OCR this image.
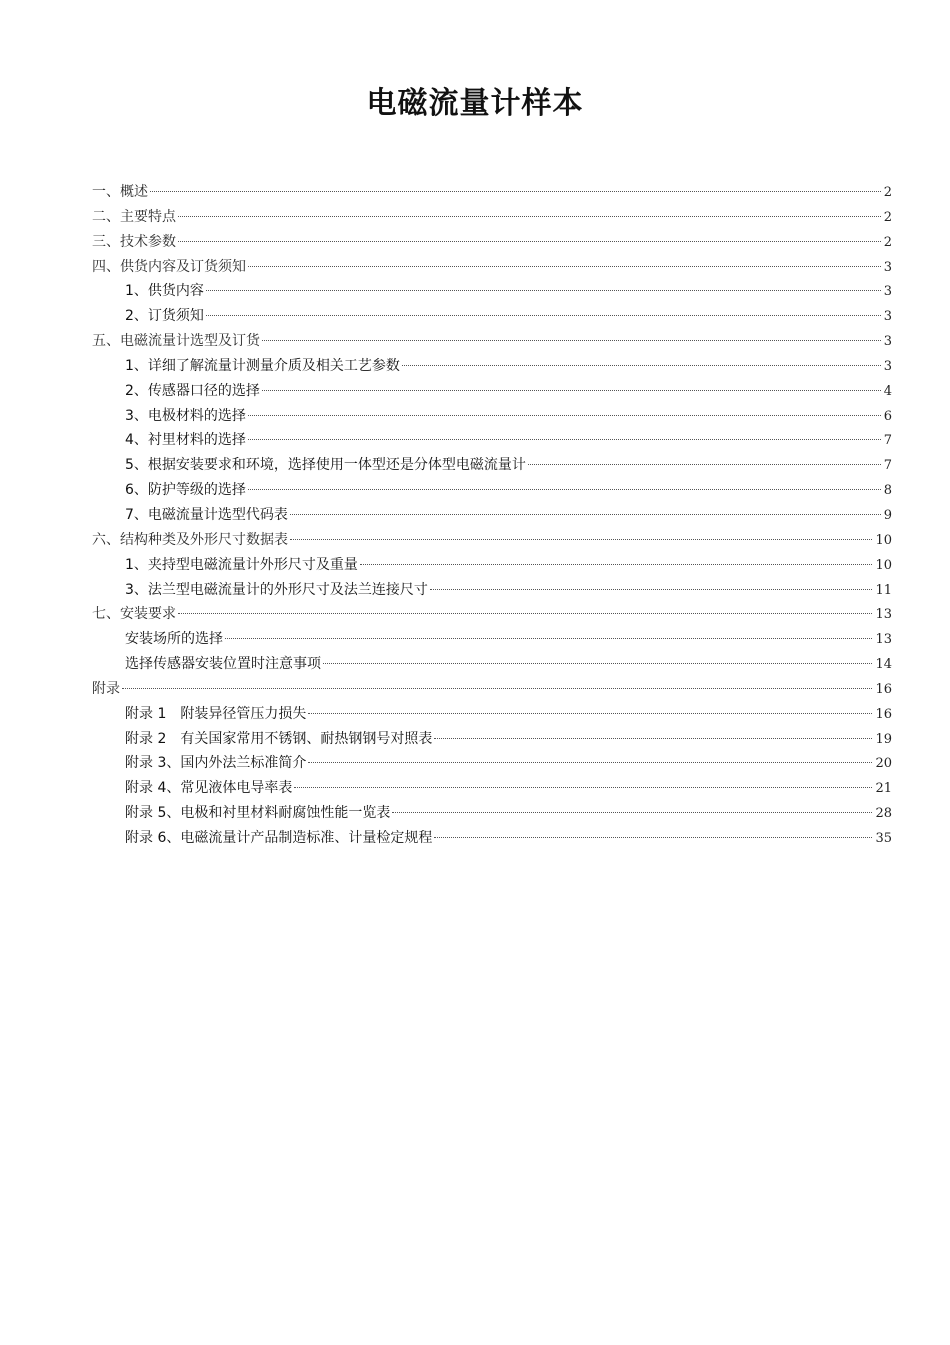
电磁流量计样本
一、概述	2
二、主要特点	2
三、技术参数	2
四、供货内容及订货须知	3
1、供货内容	3
2、订货须知	3
五、电磁流量计选型及订货	3
1、详细了解流量计测量介质及相关工艺参数	3
2、传感器口径的选择	4
3、电极材料的选择	6
4、衬里材料的选择	7
5、根据安装要求和环境，选择使用一体型还是分体型电磁流量计	7
6、防护等级的选择	8
7、电磁流量计选型代码表	9
六、结构种类及外形尺寸数据表	10
1、夹持型电磁流量计外形尺寸及重量	10
3、法兰型电磁流量计的外形尺寸及法兰连接尺寸	11
七、安装要求	13
安装场所的选择	13
选择传感器安装位置时注意事项	14
附录	16
附录 1　附装异径管压力损失	16
附录 2　有关国家常用不锈钢、耐热钢钢号对照表	19
附录 3、国内外法兰标准简介	20
附录 4、常见液体电导率表	21
附录 5、电极和衬里材料耐腐蚀性能一览表	28
附录 6、电磁流量计产品制造标准、计量检定规程	35
